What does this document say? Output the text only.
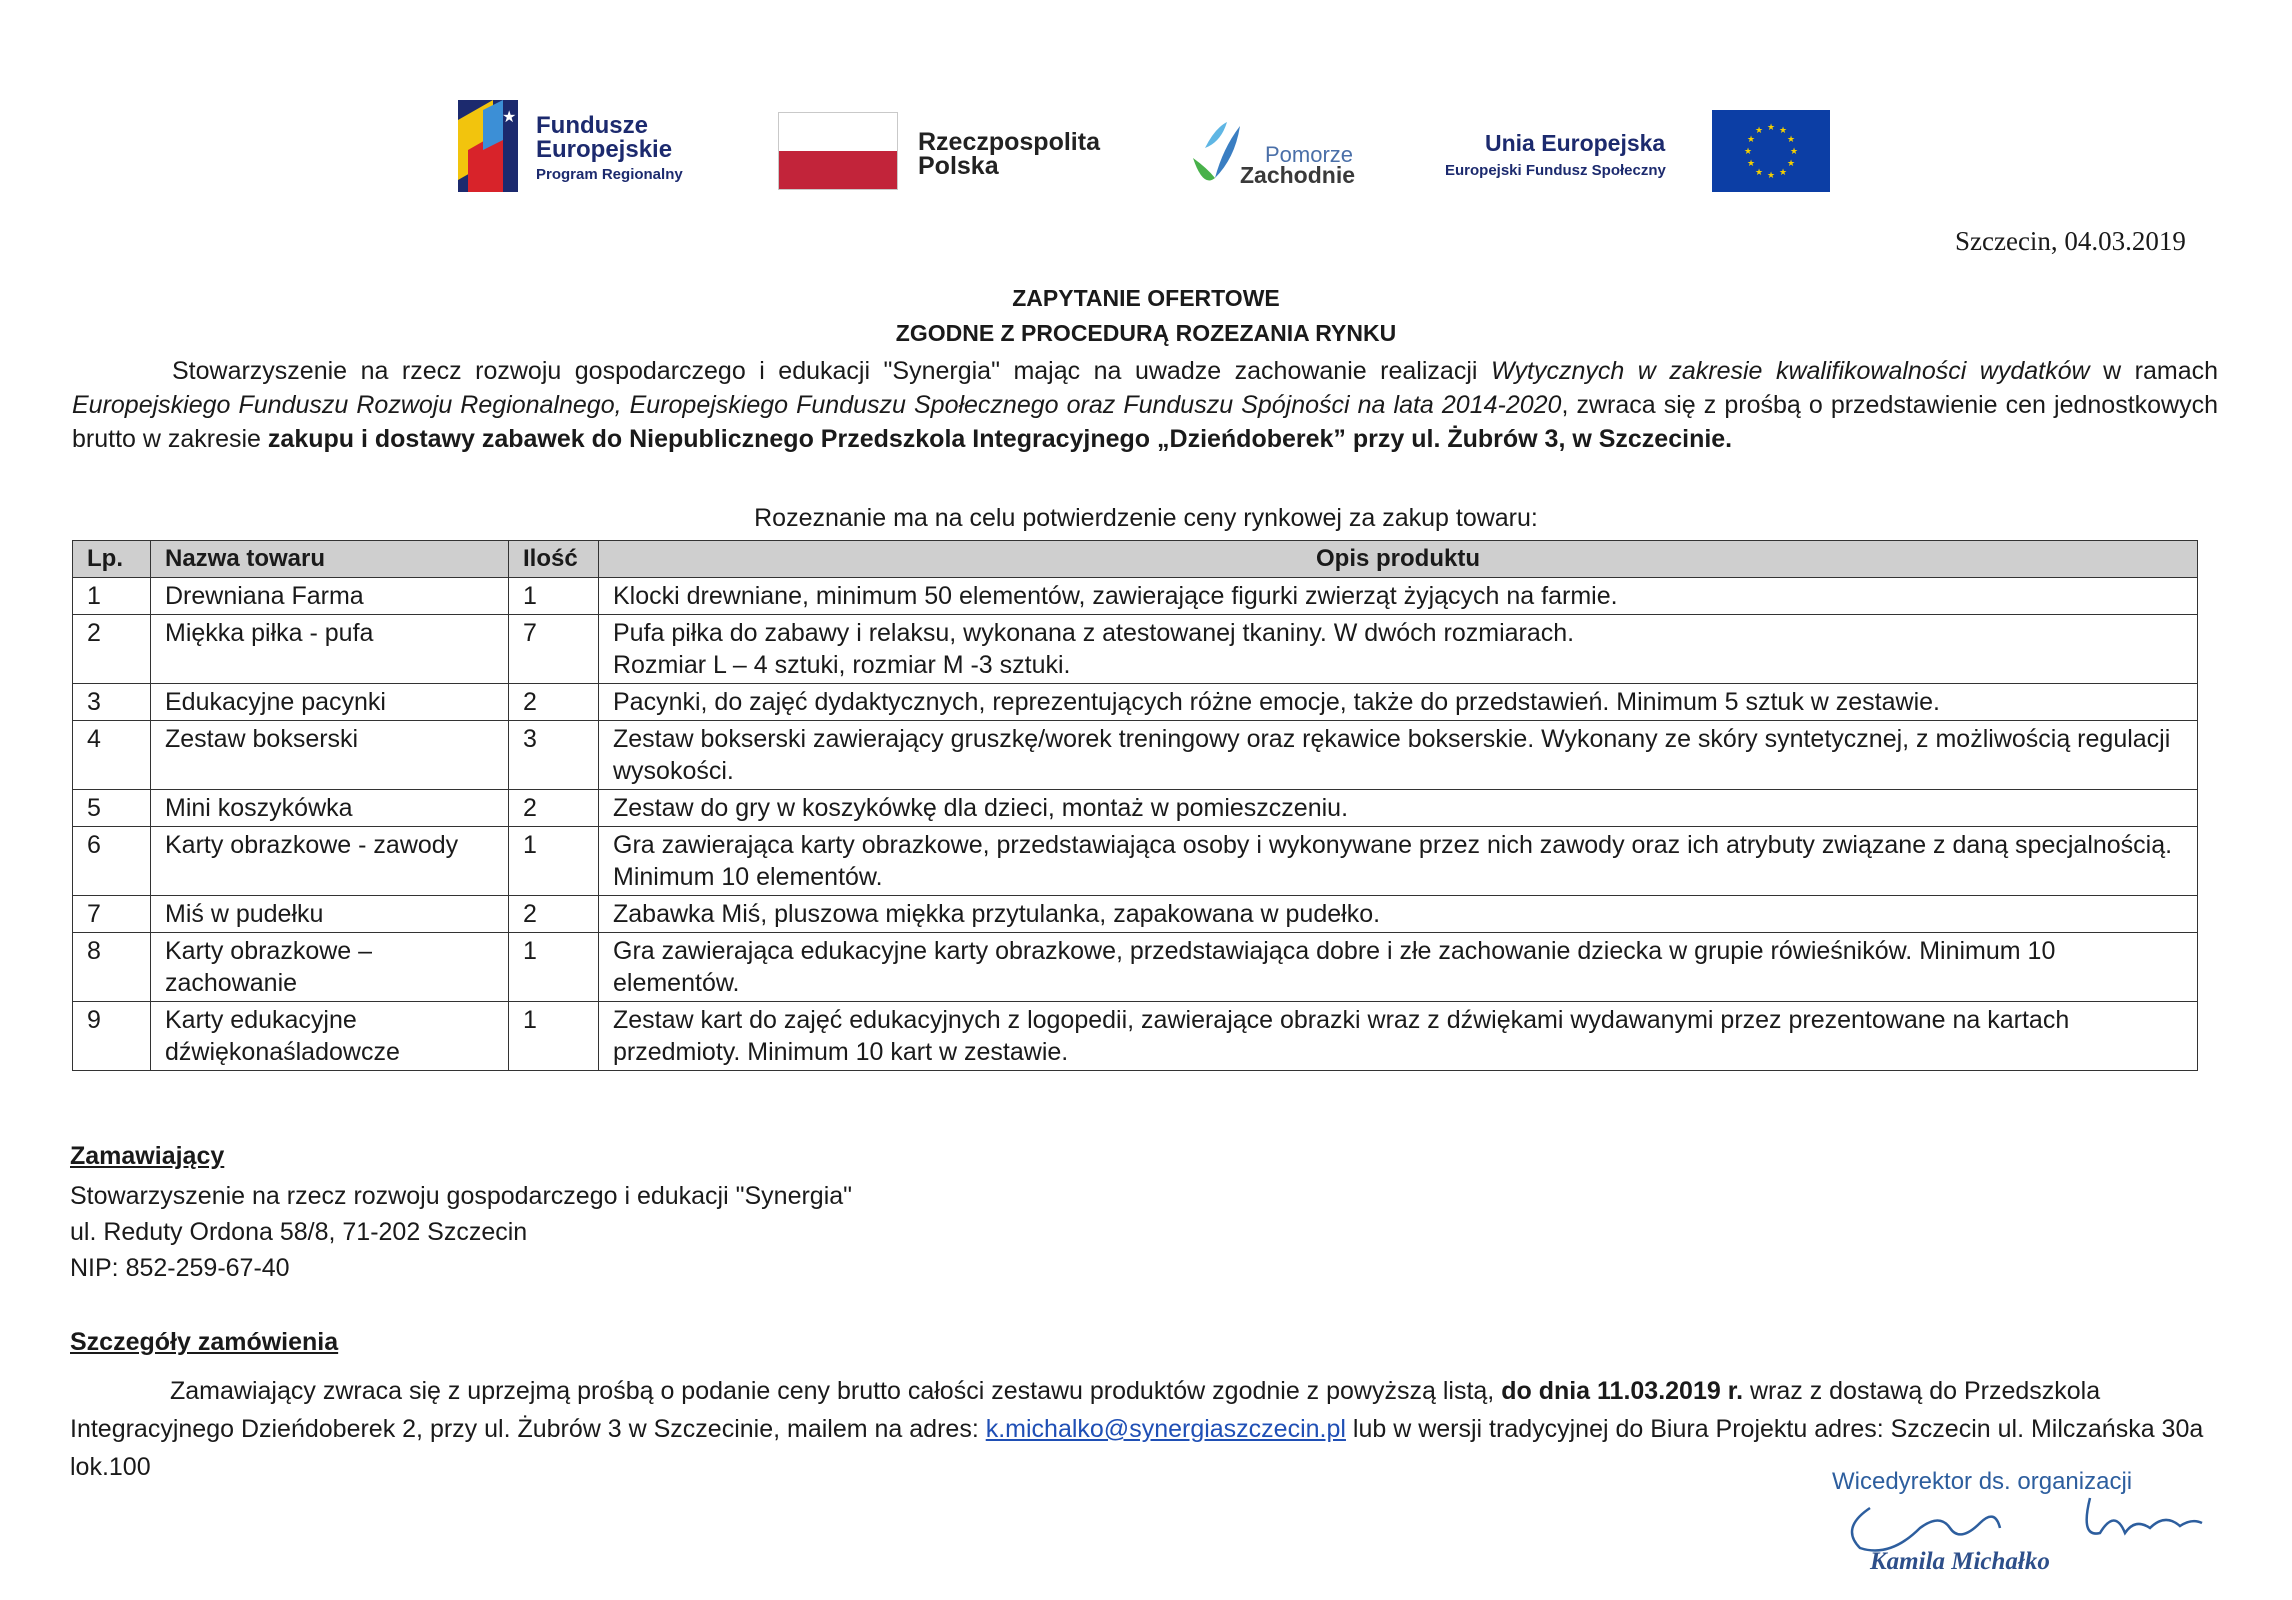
★ Fundusze
Europejskie
Program Regionalny
Rzeczpospolita
Polska	Pomorze
Zachodnie
Unia Europejska
Europejski Fundusz Społeczny
★ ★
★
★
★
★
★
★
★
★
★
★
Szczecin, 04.03.2019
ZAPYTANIE OFERTOWE
ZGODNE Z PROCEDURĄ ROZEZANIA RYNKU

Stowarzyszenie na rzecz rozwoju gospodarczego i edukacji "Synergia" mając na uwadze zachowanie realizacji Wytycznych w zakresie kwalifikowalności wydatków w ramach Europejskiego Funduszu Rozwoju Regionalnego, Europejskiego Funduszu Społecznego oraz Funduszu Spójności na lata 2014-2020, zwraca się z prośbą o przedstawienie cen jednostkowych brutto w zakresie zakupu i dostawy zabawek do Niepublicznego Przedszkola Integracyjnego „Dzieńdoberek” przy ul. Żubrów 3, w Szczecinie.

Rozeznanie ma na celu potwierdzenie ceny rynkowej za zakup towaru:
Lp.	Nazwa towaru	Ilość	Opis produktu
1	Drewniana Farma	1	Klocki drewniane, minimum 50 elementów, zawierające figurki zwierząt żyjących na farmie.
2	Miękka piłka - pufa	7	Pufa piłka do zabawy i relaksu, wykonana z atestowanej tkaniny. W dwóch rozmiarach.
Rozmiar L – 4 sztuki, rozmiar M -3 sztuki.

3	Edukacyjne pacynki	2	Pacynki, do zajęć dydaktycznych, reprezentujących różne emocje, także do przedstawień. Minimum 5 sztuk w zestawie.
4	Zestaw bokserski	3	Zestaw bokserski zawierający gruszkę/worek treningowy oraz rękawice bokserskie. Wykonany ze skóry syntetycznej, z możliwością regulacji wysokości.
5	Mini koszykówka	2	Zestaw do gry w koszykówkę dla dzieci, montaż w pomieszczeniu.
6	Karty obrazkowe - zawody	1	Gra zawierająca karty obrazkowe, przedstawiająca osoby i wykonywane przez nich zawody oraz ich atrybuty związane z daną specjalnością. Minimum 10 elementów.
7	Miś w pudełku	2	Zabawka Miś, pluszowa miękka przytulanka, zapakowana w pudełko.
8	Karty obrazkowe – zachowanie	1	Gra zawierająca edukacyjne karty obrazkowe, przedstawiająca dobre i złe zachowanie dziecka w grupie rówieśników. Minimum 10 elementów.
9	Karty edukacyjne dźwiękonaśladowcze	1	Zestaw kart do zajęć edukacyjnych z logopedii, zawierające obrazki wraz z dźwiękami wydawanymi przez prezentowane na kartach przedmioty. Minimum 10 kart w zestawie.
Zamawiający
Stowarzyszenie na rzecz rozwoju gospodarczego i edukacji "Synergia"
ul. Reduty Ordona 58/8, 71-202 Szczecin
NIP: 852-259-67-40
Szczegóły zamówienia

Zamawiający zwraca się z uprzejmą prośbą o podanie ceny brutto całości zestawu produktów zgodnie z powyższą listą, do dnia 11.03.2019 r. wraz z dostawą do Przedszkola Integracyjnego Dzieńdoberek 2, przy ul. Żubrów 3 w Szczecinie, mailem na adres: k.michalko@synergiaszczecin.pl lub w wersji tradycyjnej do Biura Projektu adres: Szczecin ul. Milczańska 30a lok.100

Wicedyrektor ds. organizacji
Kamila Michałko
